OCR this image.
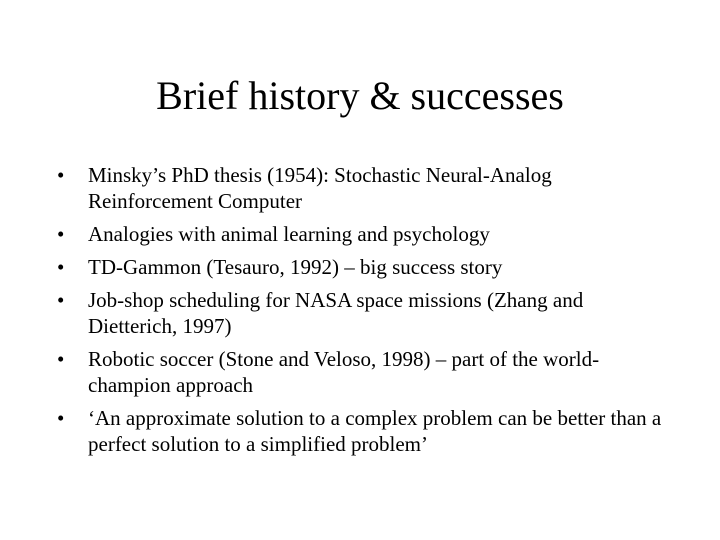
Brief history & successes
•	Minsky’s PhD thesis (1954): Stochastic Neural-Analog Reinforcement Computer
•	Analogies with animal learning and psychology
•	TD-Gammon (Tesauro, 1992) – big success story
•	Job-shop scheduling for NASA space missions (Zhang and Dietterich, 1997)
•	Robotic soccer (Stone and Veloso, 1998) – part of the world-champion approach
•	‘An approximate solution to a complex problem can be better than a perfect solution to a simplified problem’
